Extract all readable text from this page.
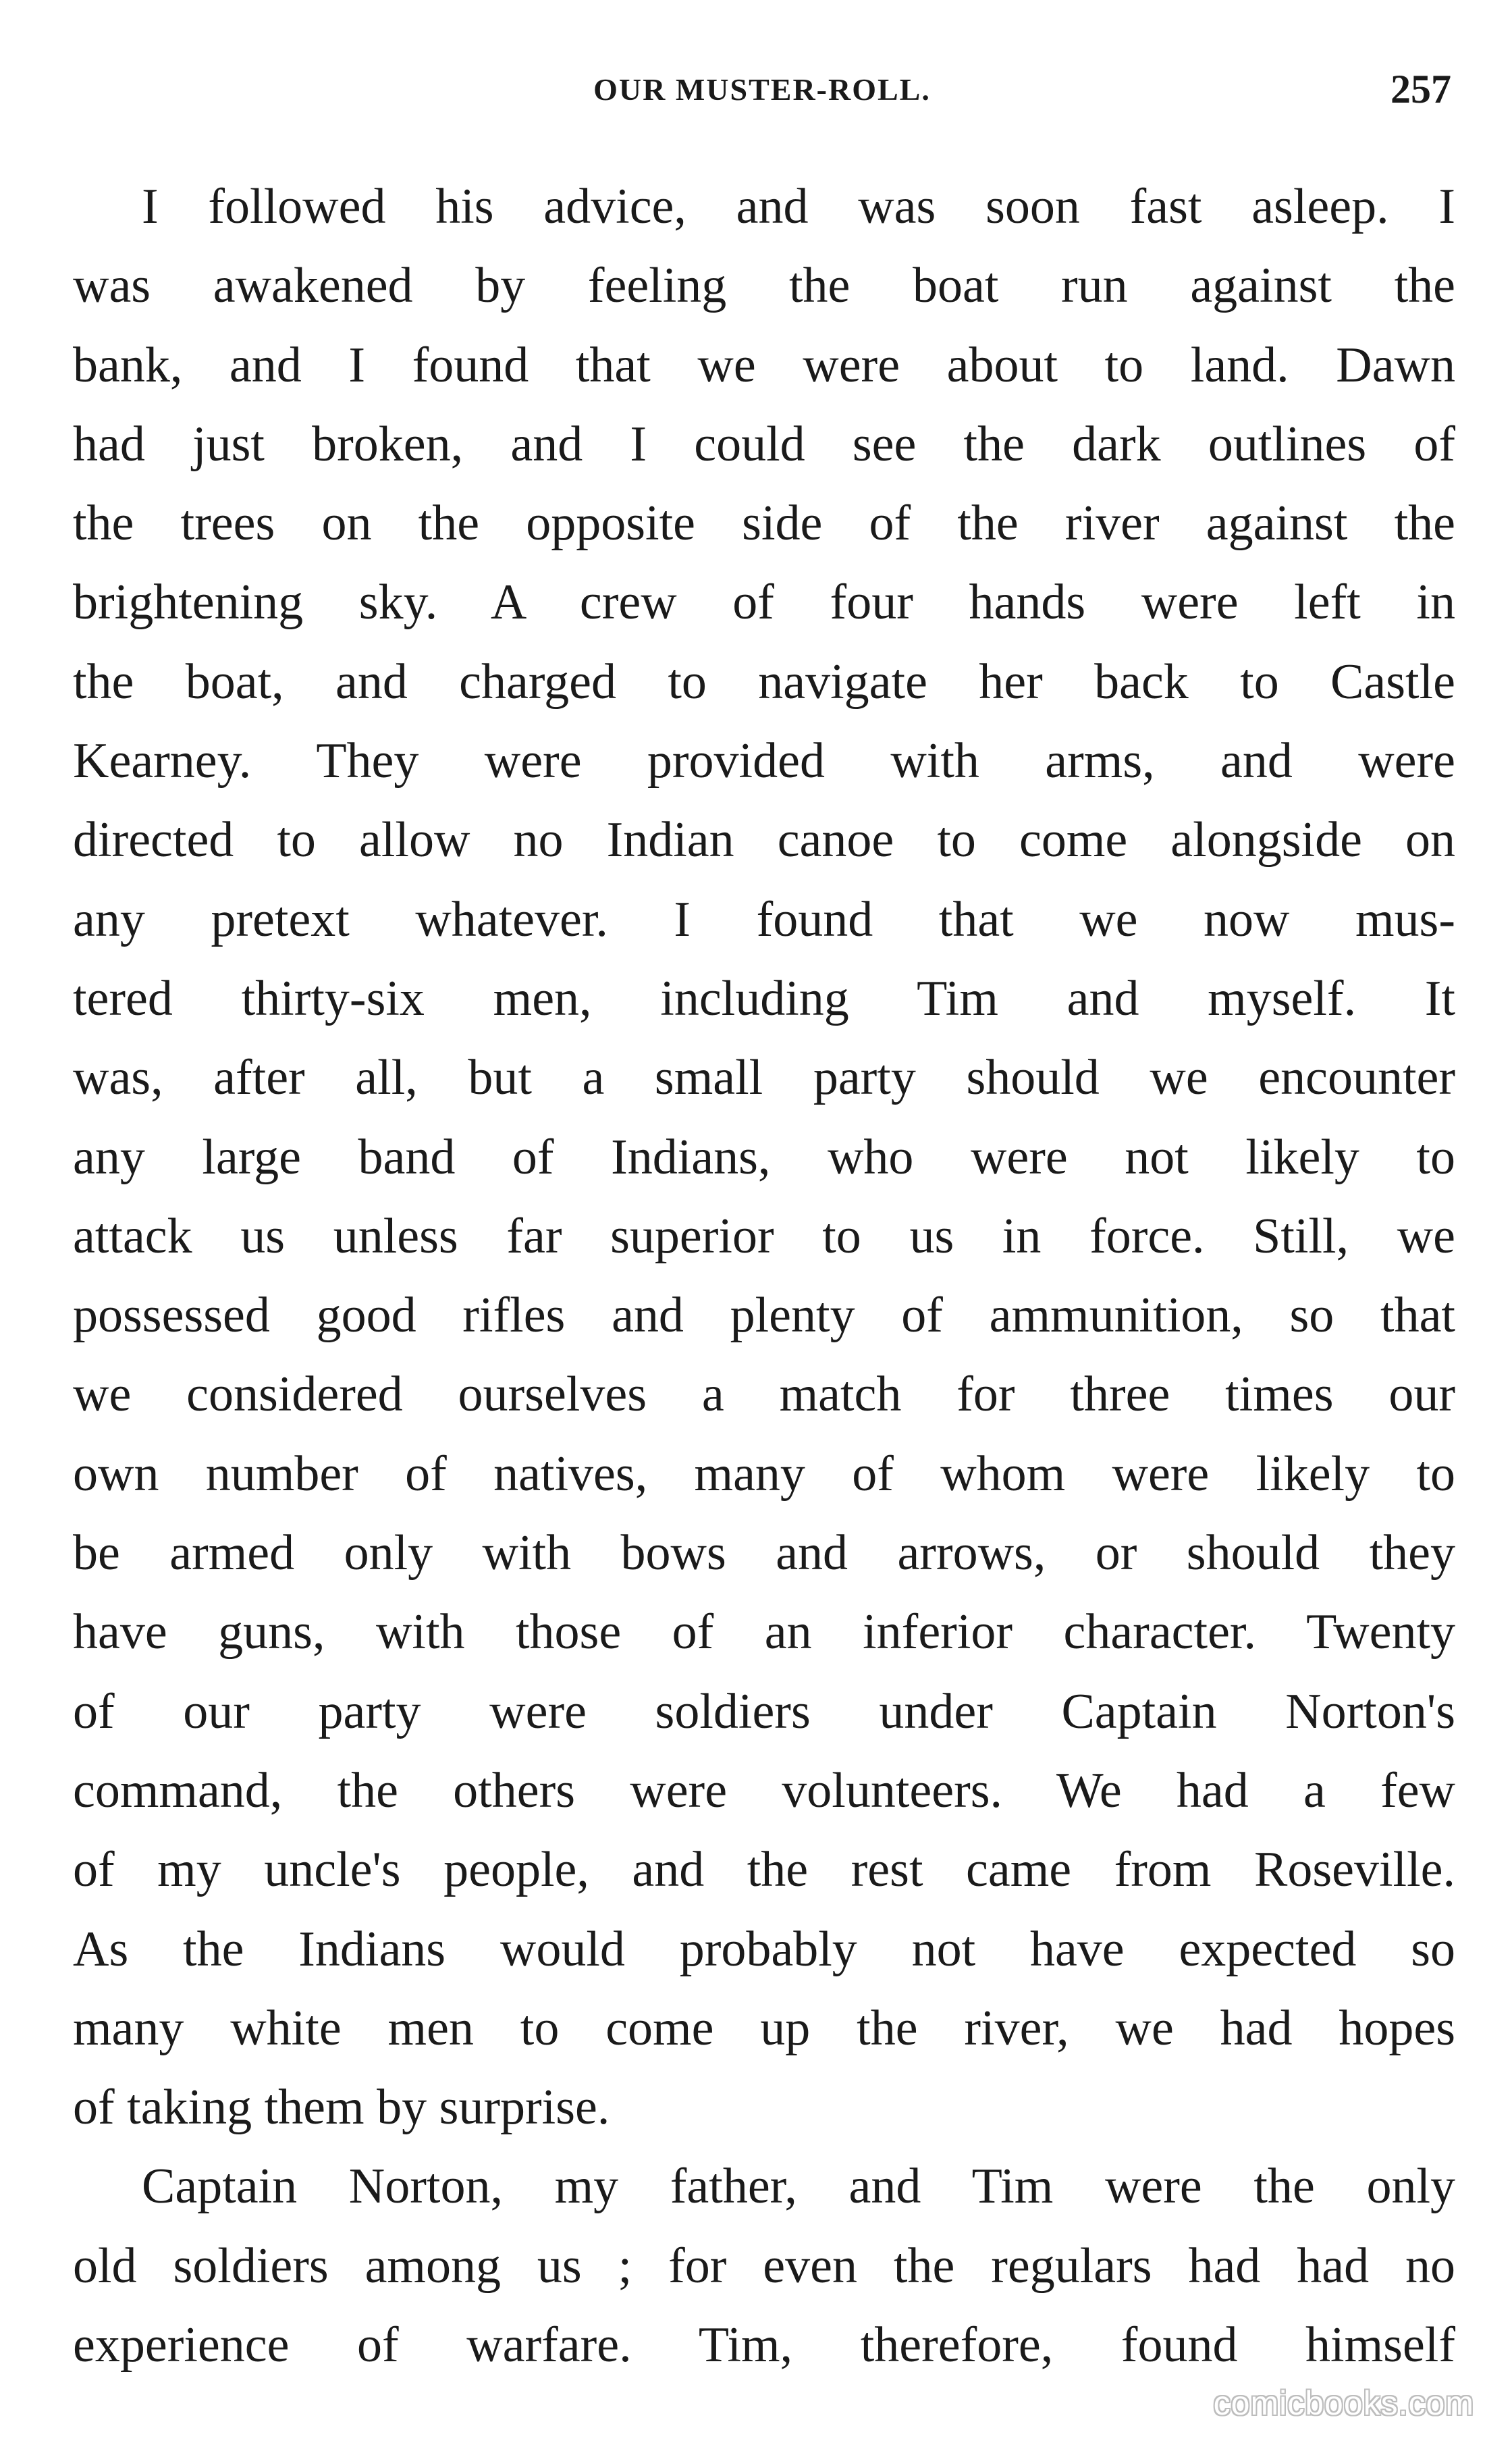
OUR MUSTER-ROLL.	257
I followed his advice, and was soon fast asleep. I
was awakened by feeling the boat run against the
bank, and I found that we were about to land. Dawn
had just broken, and I could see the dark outlines of
the trees on the opposite side of the river against the
brightening sky. A crew of four hands were left in
the boat, and charged to navigate her back to Castle
Kearney. They were provided with arms, and were
directed to allow no Indian canoe to come alongside on
any pretext whatever. I found that we now mus-
tered thirty-six men, including Tim and myself. It
was, after all, but a small party should we encounter
any large band of Indians, who were not likely to
attack us unless far superior to us in force. Still, we
possessed good rifles and plenty of ammunition, so that
we considered ourselves a match for three times our
own number of natives, many of whom were likely to
be armed only with bows and arrows, or should they
have guns, with those of an inferior character. Twenty
of our party were soldiers under Captain Norton's
command, the others were volunteers. We had a few
of my uncle's people, and the rest came from Roseville.
As the Indians would probably not have expected so
many white men to come up the river, we had hopes
of taking them by surprise.
Captain Norton, my father, and Tim were the only
old soldiers among us ; for even the regulars had had no
experience of warfare. Tim, therefore, found himself
comicbooks.com
